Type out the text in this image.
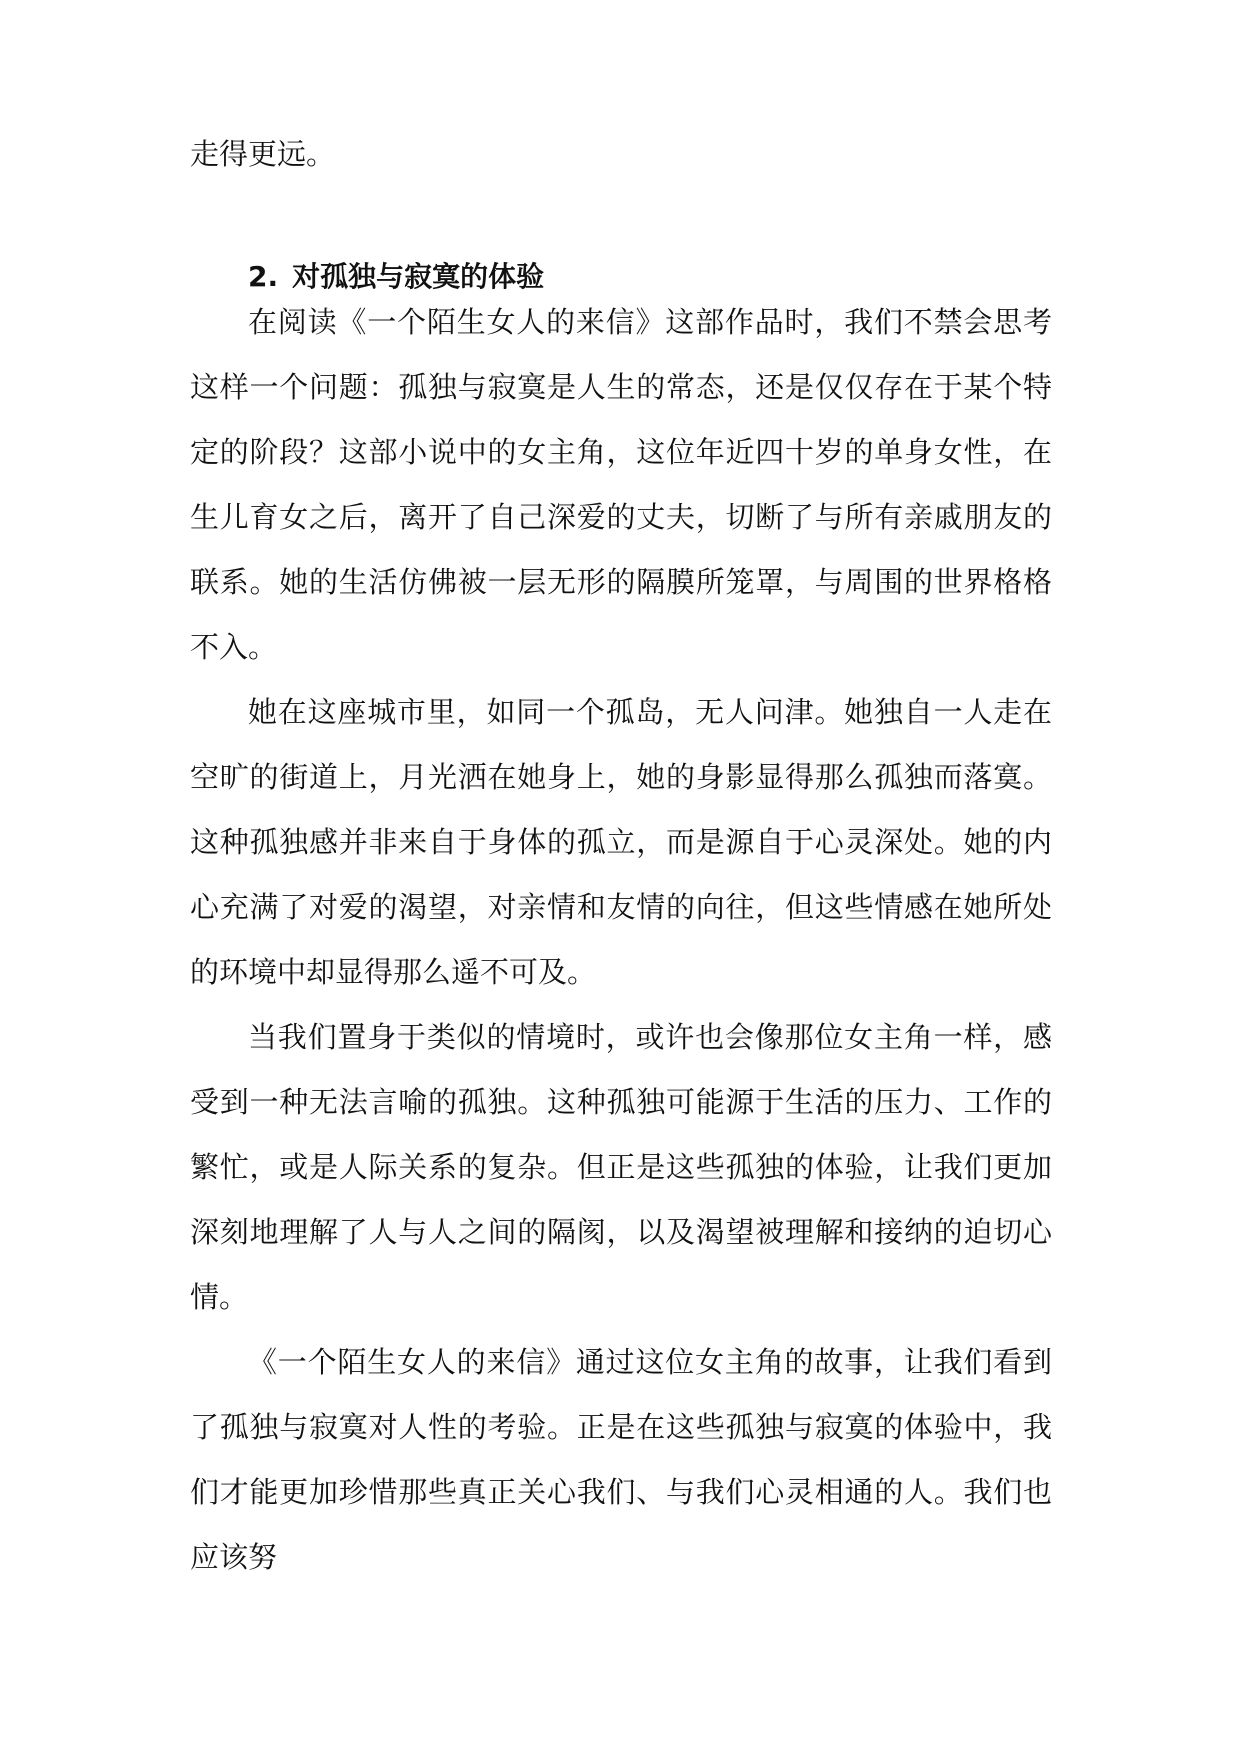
走得更远。

2. 对孤独与寂寞的体验

在阅读《一个陌生女人的来信》这部作品时，我们不禁会思考这样一个问题：孤独与寂寞是人生的常态，还是仅仅存在于某个特定的阶段？这部小说中的女主角，这位年近四十岁的单身女性，在生儿育女之后，离开了自己深爱的丈夫，切断了与所有亲戚朋友的联系。她的生活仿佛被一层无形的隔膜所笼罩，与周围的世界格格不入。

她在这座城市里，如同一个孤岛，无人问津。她独自一人走在空旷的街道上，月光洒在她身上，她的身影显得那么孤独而落寞。这种孤独感并非来自于身体的孤立，而是源自于心灵深处。她的内心充满了对爱的渴望，对亲情和友情的向往，但这些情感在她所处的环境中却显得那么遥不可及。

当我们置身于类似的情境时，或许也会像那位女主角一样，感受到一种无法言喻的孤独。这种孤独可能源于生活的压力、工作的繁忙，或是人际关系的复杂。但正是这些孤独的体验，让我们更加深刻地理解了人与人之间的隔阂，以及渴望被理解和接纳的迫切心情。

《一个陌生女人的来信》通过这位女主角的故事，让我们看到了孤独与寂寞对人性的考验。正是在这些孤独与寂寞的体验中，我们才能更加珍惜那些真正关心我们、与我们心灵相通的人。我们也应该努
